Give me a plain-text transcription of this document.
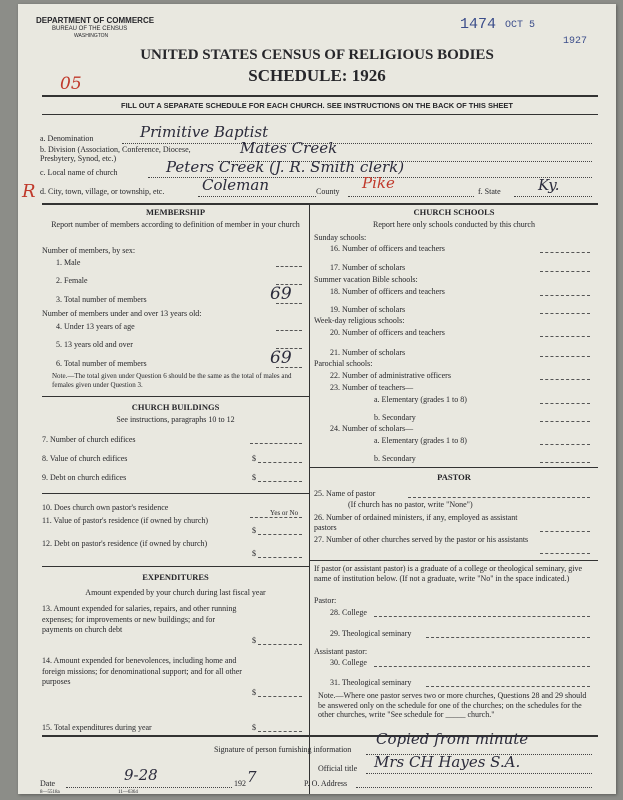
DEPARTMENT OF COMMERCE
BUREAU OF THE CENSUS
WASHINGTON
1474 OCT 5
1927
UNITED STATES CENSUS OF RELIGIOUS BODIES
SCHEDULE: 1926
05
FILL OUT A SEPARATE SCHEDULE FOR EACH CHURCH. SEE INSTRUCTIONS ON THE BACK OF THIS SHEET
a. Denomination	Primitive Baptist
b. Division (Association, Conference, Diocese, Presbytery, Synod, etc.)
Mates Creek
c. Local name of church	Peters Creek (J. R. Smith clerk)
R d. City, town, village, or township, etc.	Coleman	County Pike	f. State Ky.
MEMBERSHIP
Report number of members according to definition of member in your church
Number of members, by sex:
1. Male
2. Female
3. Total number of members	69
Number of members under and over 13 years old:
4. Under 13 years of age
5. 13 years old and over
6. Total number of members	69
Note.—The total given under Question 6 should be the same as the total of males and females given under Question 3.
CHURCH BUILDINGS
See instructions, paragraphs 10 to 12
7. Number of church edifices
8. Value of church edifices	$
9. Debt on church edifices	$
10. Does church own pastor's residence
Yes or No
11. Value of pastor's residence (if owned by church)
$
12. Debt on pastor's residence (if owned by church)
$
EXPENDITURES
Amount expended by your church during last fiscal year
13. Amount expended for salaries, repairs, and other running expenses; for improvements or new buildings; and for payments on church debt
$
14. Amount expended for benevolences, including home and foreign missions; for denominational support; and for all other purposes
$
15. Total expenditures during year	$
CHURCH SCHOOLS
Report here only schools conducted by this church
Sunday schools:
16. Number of officers and teachers
17. Number of scholars
Summer vacation Bible schools:
18. Number of officers and teachers
19. Number of scholars
Week-day religious schools:
20. Number of officers and teachers
21. Number of scholars
Parochial schools:
22. Number of administrative officers
23. Number of teachers—
a. Elementary (grades 1 to 8)
b. Secondary
24. Number of scholars—
a. Elementary (grades 1 to 8)
b. Secondary
PASTOR
25. Name of pastor
(If church has no pastor, write "None")
26. Number of ordained ministers, if any, employed as assistant pastors
27. Number of other churches served by the pastor or his assistants
If pastor (or assistant pastor) is a graduate of a college or theological seminary, give name of institution below. (If not a graduate, write "No" in the space indicated.)
Pastor:
28. College
29. Theological seminary
Assistant pastor:
30. College
31. Theological seminary
Note.—Where one pastor serves two or more churches, Questions 28 and 29 should be answered only on the schedule for one of the churches; on the schedules for the other churches, write "See schedule for _____ church."
Signature of person furnishing information
Copied from minute
Official title Mrs CH Hayes S.A.
Date	9-28	192 7	P. O. Address
8—5518a	11—6364
